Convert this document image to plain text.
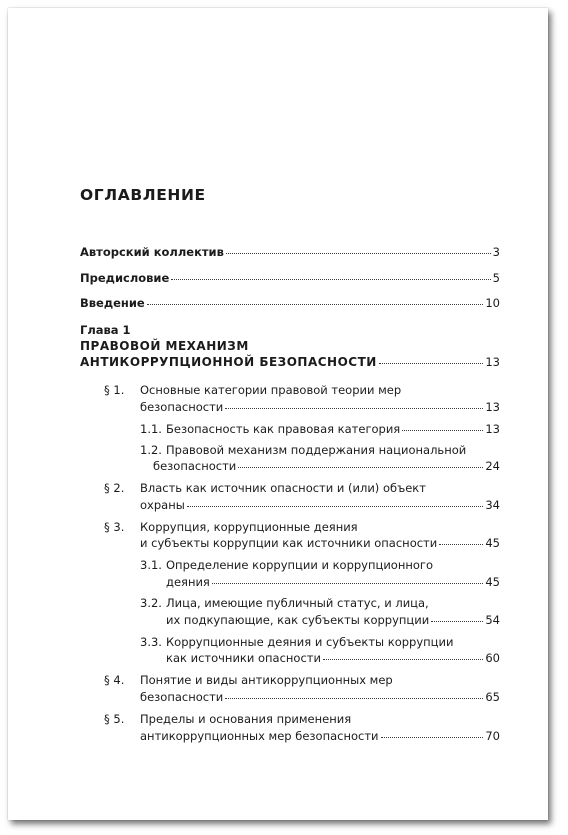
ОГЛАВЛЕНИЕ
Авторский коллектив	3
Предисловие	5
Введение	10
Глава 1
ПРАВОВОЙ МЕХАНИЗМ
АНТИКОРРУПЦИОННОЙ БЕЗОПАСНОСТИ	13
§ 1. Основные категории правовой теории мер
безопасности	13
1.1. Безопасность как правовая категория	13
1.2. Правовой механизм поддержания национальной
безопасности	24
§ 2. Власть как источник опасности и (или) объект
охраны	34
§ 3. Коррупция, коррупционные деяния
и субъекты коррупции как источники опасности	45
3.1. Определение коррупции и коррупционного
деяния	45
3.2. Лица, имеющие публичный статус, и лица,
их подкупающие, как субъекты коррупции	54
3.3. Коррупционные деяния и субъекты коррупции
как источники опасности	60
§ 4. Понятие и виды антикоррупционных мер
безопасности	65
§ 5. Пределы и основания применения
антикоррупционных мер безопасности	70
